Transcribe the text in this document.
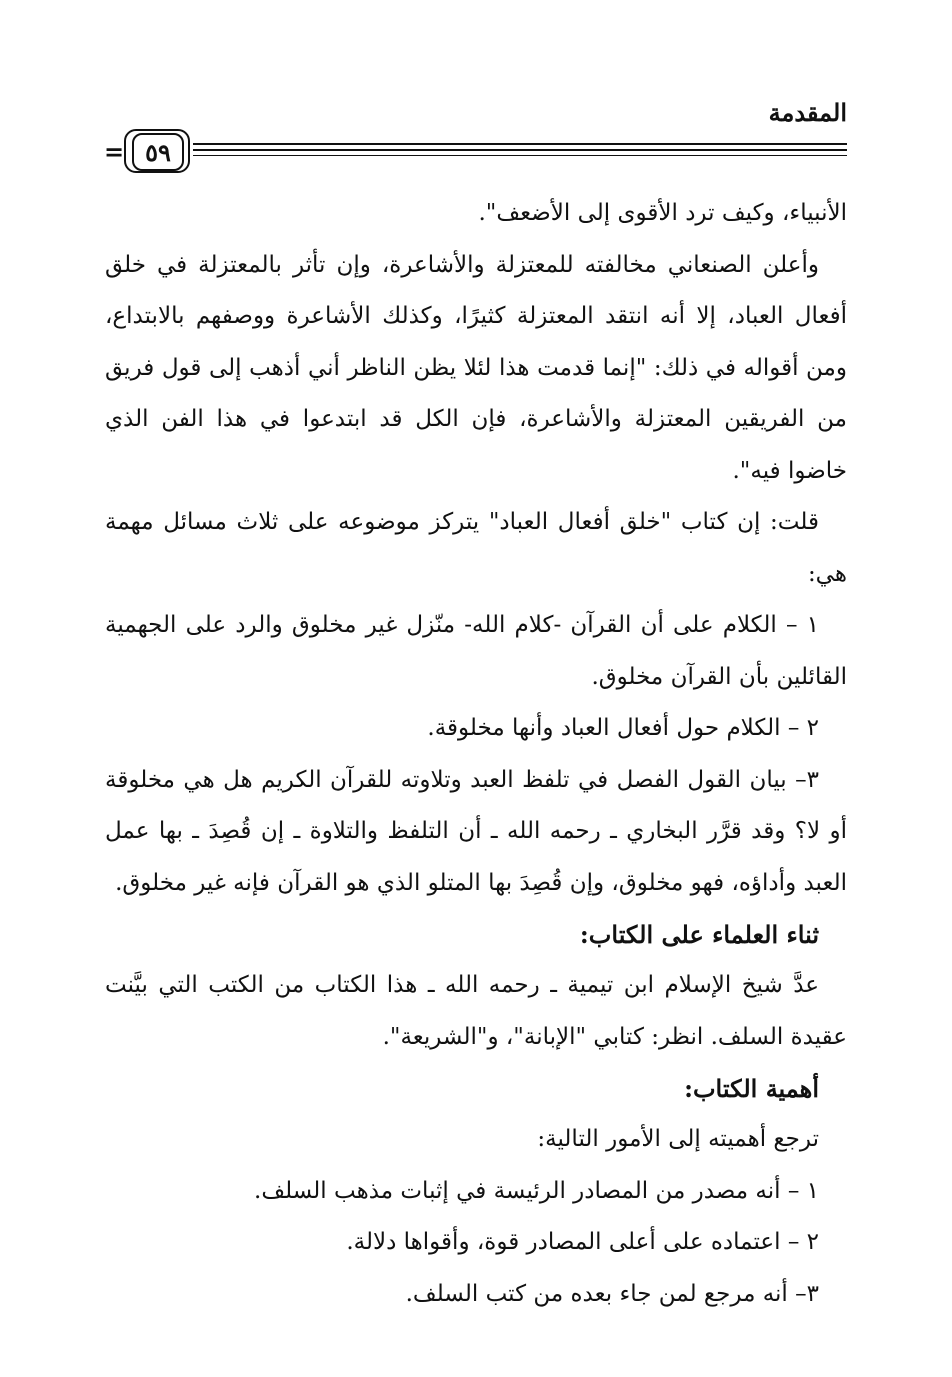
المقدمة
٥٩
=

الأنبياء، وكيف ترد الأقوى إلى الأضعف".

وأعلن الصنعاني مخالفته للمعتزلة والأشاعرة، وإن تأثر بالمعتزلة في خلق أفعال العباد، إلا أنه انتقد المعتزلة كثيرًا، وكذلك الأشاعرة ووصفهم بالابتداع، ومن أقواله في ذلك: "إنما قدمت هذا لئلا يظن الناظر أني أذهب إلى قول فريق من الفريقين المعتزلة والأشاعرة، فإن الكل قد ابتدعوا في هذا الفن الذي خاضوا فيه".

قلت: إن كتاب "خلق أفعال العباد" يتركز موضوعه على ثلاث مسائل مهمة هي:

١ – الكلام على أن القرآن -كلام الله- منّزل غير مخلوق والرد على الجهمية القائلين بأن القرآن مخلوق.

٢ – الكلام حول أفعال العباد وأنها مخلوقة.

٣– بيان القول الفصل في تلفظ العبد وتلاوته للقرآن الكريم هل هي مخلوقة أو لا؟ وقد قرَّر البخاري ـ رحمه الله ـ أن التلفظ والتلاوة ـ إن قُصِدَ ـ بها عمل العبد وأداؤه، فهو مخلوق، وإن قُصِدَ بها المتلو الذي هو القرآن فإنه غير مخلوق.

ثناء العلماء على الكتاب:

عدَّ شيخ الإسلام ابن تيمية ـ رحمه الله ـ هذا الكتاب من الكتب التي بيَّنت عقيدة السلف. انظر: كتابي "الإبانة"، و"الشريعة".

أهمية الكتاب:

ترجع أهميته إلى الأمور التالية:

١ – أنه مصدر من المصادر الرئيسة في إثبات مذهب السلف.

٢ – اعتماده على أعلى المصادر قوة، وأقواها دلالة.

٣– أنه مرجع لمن جاء بعده من كتب السلف.
